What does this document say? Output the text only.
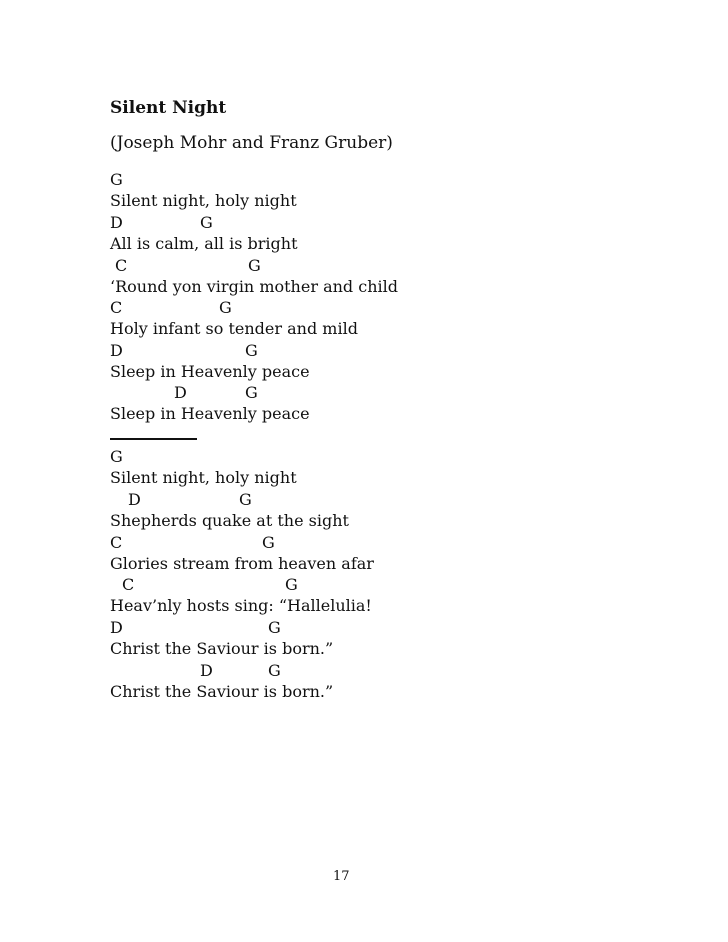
Silent Night
(Joseph Mohr and Franz Gruber)
G
Silent night, holy night
D	G
All is calm, all is bright
C	G
‘Round yon virgin mother and child
C	G
Holy infant so tender and mild
D	G
Sleep in Heavenly peace
D	G
Sleep in Heavenly peace
G
Silent night, holy night
D	G
Shepherds quake at the sight
C	G
Glories stream from heaven afar
C	G
Heav’nly hosts sing: “Hallelulia!
D	G
Christ the Saviour is born.”
D	G
Christ the Saviour is born.”
17
